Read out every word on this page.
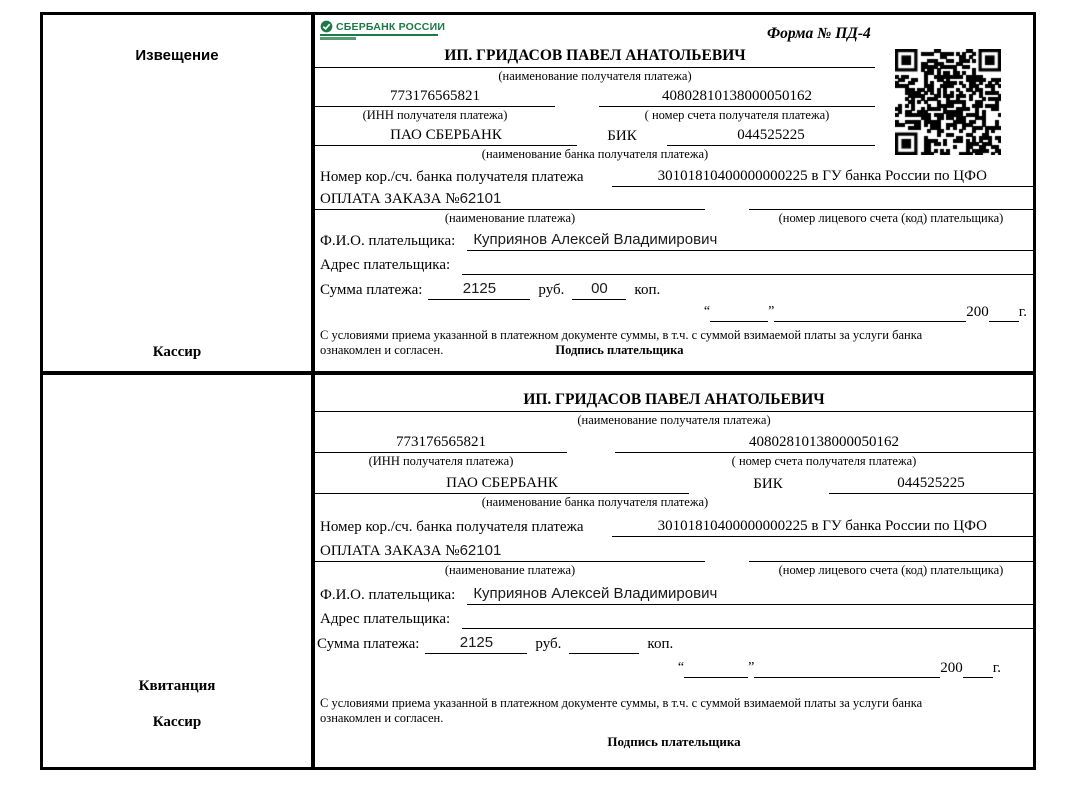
Извещение
Кассир
СБЕРБАНК РОССИИ	Форма № ПД-4
ИП. ГРИДАСОВ ПАВЕЛ АНАТОЛЬЕВИЧ
(наименование получателя платежа)
773176565821	40802810138000050162
(ИНН получателя платежа)	( номер счета получателя платежа)
ПАО СБЕРБАНК	БИК	044525225
(наименование банка получателя платежа)
Номер кор./сч. банка получателя платежа	30101810400000000225 в ГУ банка России по ЦФО
ОПЛАТА ЗАКАЗА №62101
(наименование платежа)	(номер лицевого счета (код) плательщика)
Ф.И.О. плательщика:	Куприянов Алексей Владимирович
Адрес плательщика:
Сумма платежа:	2125	руб.	00	коп.
“	”	200 г.
С условиями приема указанной в платежном документе суммы, в т.ч. с суммой взимаемой платы за услуги банка
ознакомлен и согласен.	Подпись плательщика
Квитанция
Кассир
ИП. ГРИДАСОВ ПАВЕЛ АНАТОЛЬЕВИЧ
(наименование получателя платежа)
773176565821	40802810138000050162
(ИНН получателя платежа)	( номер счета получателя платежа)
ПАО СБЕРБАНК	БИК	044525225
(наименование банка получателя платежа)
Номер кор./сч. банка получателя платежа	30101810400000000225 в ГУ банка России по ЦФО
ОПЛАТА ЗАКАЗА №62101
(наименование платежа)	(номер лицевого счета (код) плательщика)
Ф.И.О. плательщика:	Куприянов Алексей Владимирович
Адрес плательщика:
Сумма платежа:	2125	руб.	коп.
“	”	200 г.
С условиями приема указанной в платежном документе суммы, в т.ч. с суммой взимаемой платы за услуги банка
ознакомлен и согласен.
Подпись плательщика
